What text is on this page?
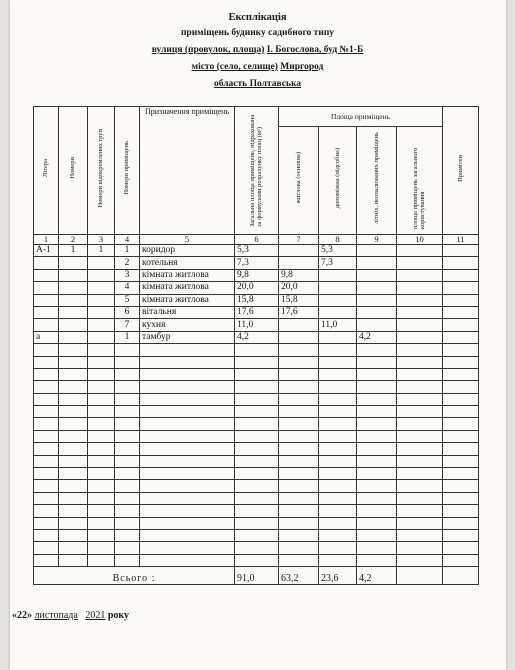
Експлікація
приміщень будинку садибного типу
вулиця (провулок, площа) І. Богослова, буд №1-Б
місто (село, селище) Миргород
область Полтавська
Літера	Номери	Номери відокремлених груп	Номери приміщень	Призначення приміщень	Загальна площа приміщень, підрахована за формулами розрахунку площ (м²)	Площа приміщень				Примітки
						житлова (основна)	допоміжна (підсобна)	літніх, неопалюваних приміщень	площа приміщень загального користування	
1	2	3	4	5	6	7	8	9	10	11
А-1	1	1	1	коридор	5,3		5,3			
			2	котельня	7,3		7,3			
			3	кімната житлова	9,8	9,8				
			4	кімната житлова	20,0	20,0				
			5	кімната житлова	15,8	15,8				
			6	вітальня	17,6	17,6				
			7	кухня	11,0		11,0			
а			1	тамбур	4,2			4,2		

Всього :					91,0	63,2	23,6	4,2		
«22» листопада 2021 року
